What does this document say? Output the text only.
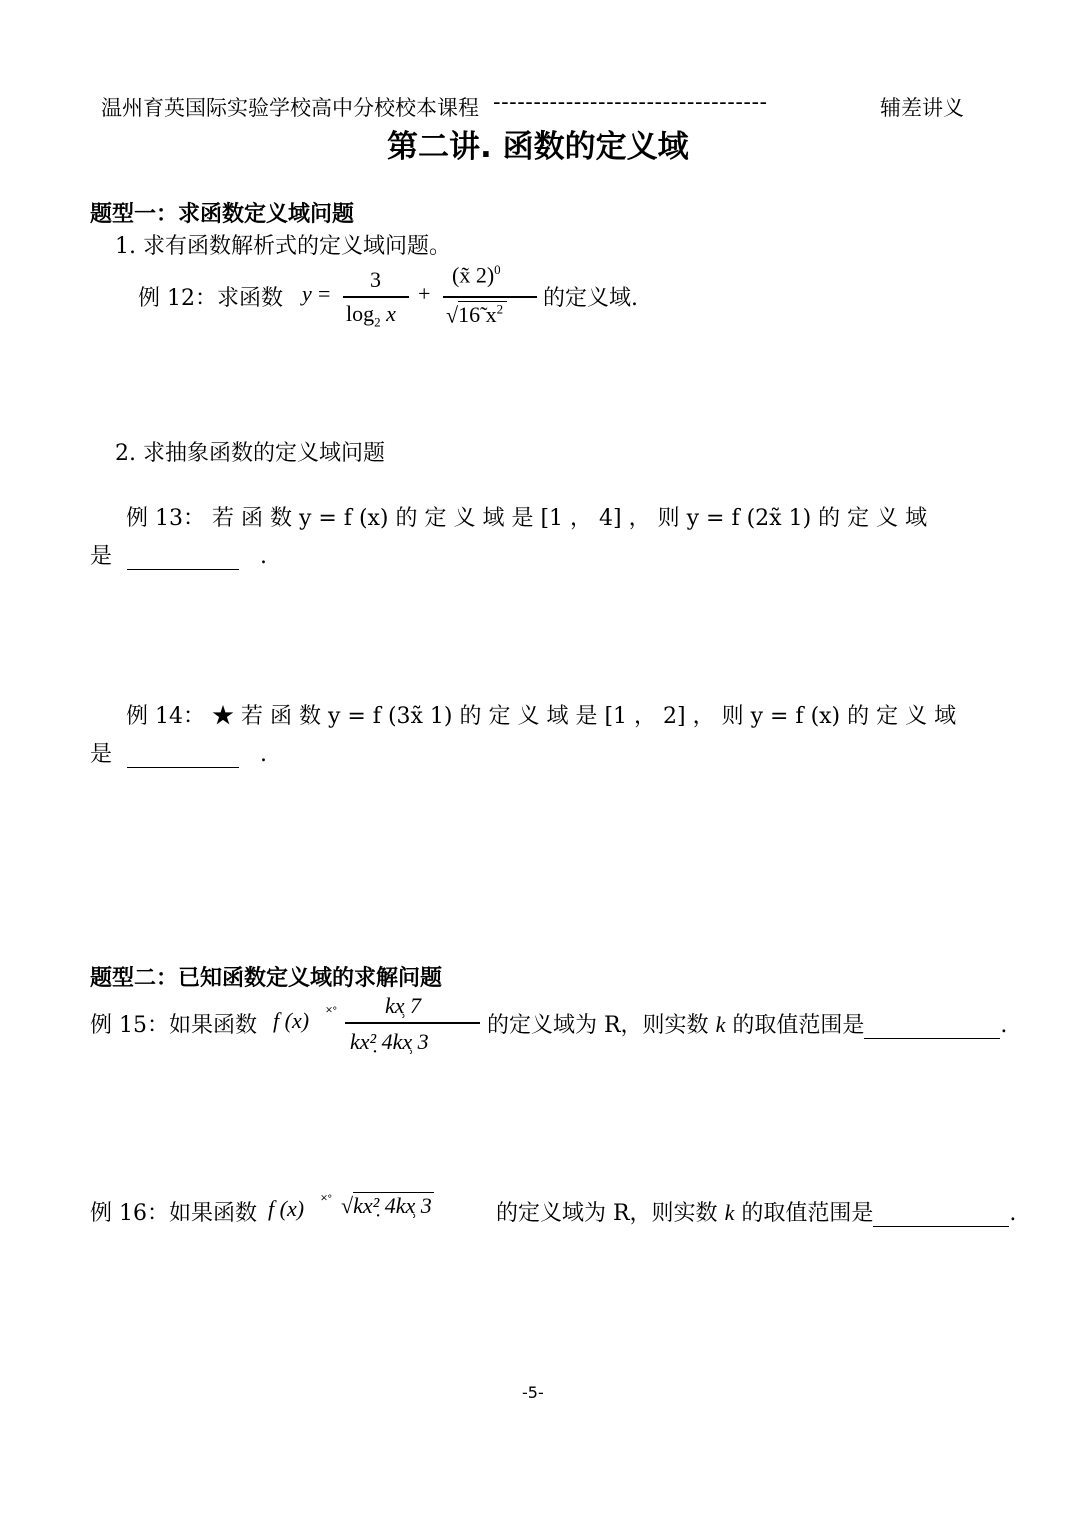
温州育英国际实验学校高中分校校本课程 ----------------------------------	辅差讲义
第二讲. 函数的定义域
题型一：求函数定义域问题
1. 求有函数解析式的定义域问题。
例 12：求函数 y =
3
$\log_2 x$
+
(x̃ 2)$^0$
√16̃ $x^2$ 的定义域.
2. 求抽象函数的定义域问题
例 13： 若 函 数 y = f (x) 的 定 义 域 是 [1 ， 4] ， 则 y = f (2x̃ 1) 的 定 义 域
是	.
例 14： ★ 若 函 数 y = f (3x̃ 1) 的 定 义 域 是 [1 ， 2] ， 则 y = f (x) 的 定 义 域
是	.
题型二：已知函数定义域的求解问题
例 15：如果函数 f (x) ˟˚ kx̹ 7
kx²̣ 4kx̹ 3
的定义域为 R，则实数 k 的取值范围是	.
例 16：如果函数 f (x) ˟˚ √kx²̣ 4kx̹ 3	的定义域为 R，则实数 k 的取值范围是	.
-5-
